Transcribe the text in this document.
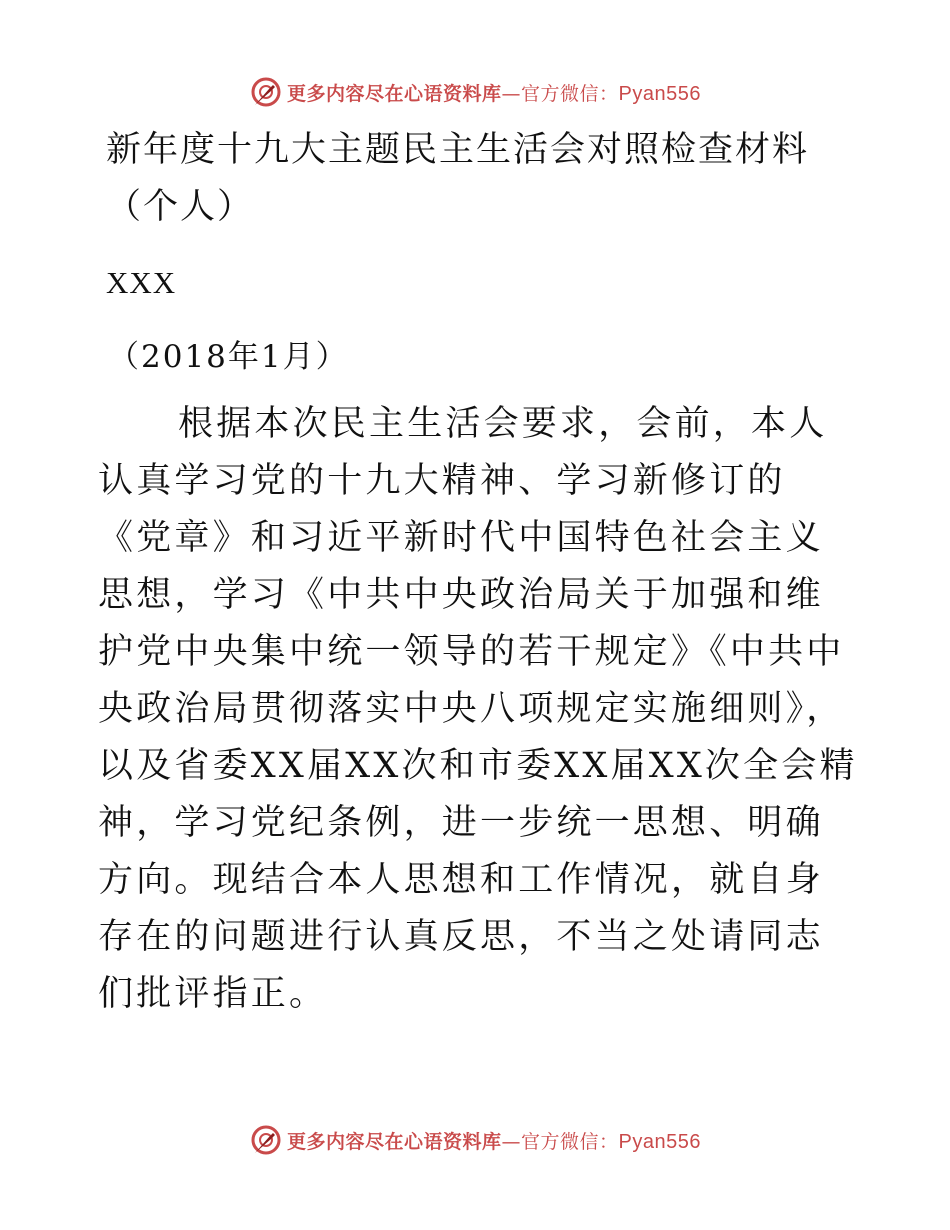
更多内容尽在心语资料库—官方微信：Pyan556
新年度十九大主题民主生活会对照检查材料（个人）
XXX
（2018年1月）

根据本次民主生活会要求，会前，本人认真学习党的十九大精神、学习新修订的《党章》和习近平新时代中国特色社会主义思想，学习《中共中央政治局关于加强和维护党中央集中统一领导的若干规定》《中共中央政治局贯彻落实中央八项规定实施细则》，以及省委XX届XX次和市委XX届XX次全会精神，学习党纪条例，进一步统一思想、明确方向。现结合本人思想和工作情况，就自身存在的问题进行认真反思，不当之处请同志们批评指正。

更多内容尽在心语资料库—官方微信：Pyan556
